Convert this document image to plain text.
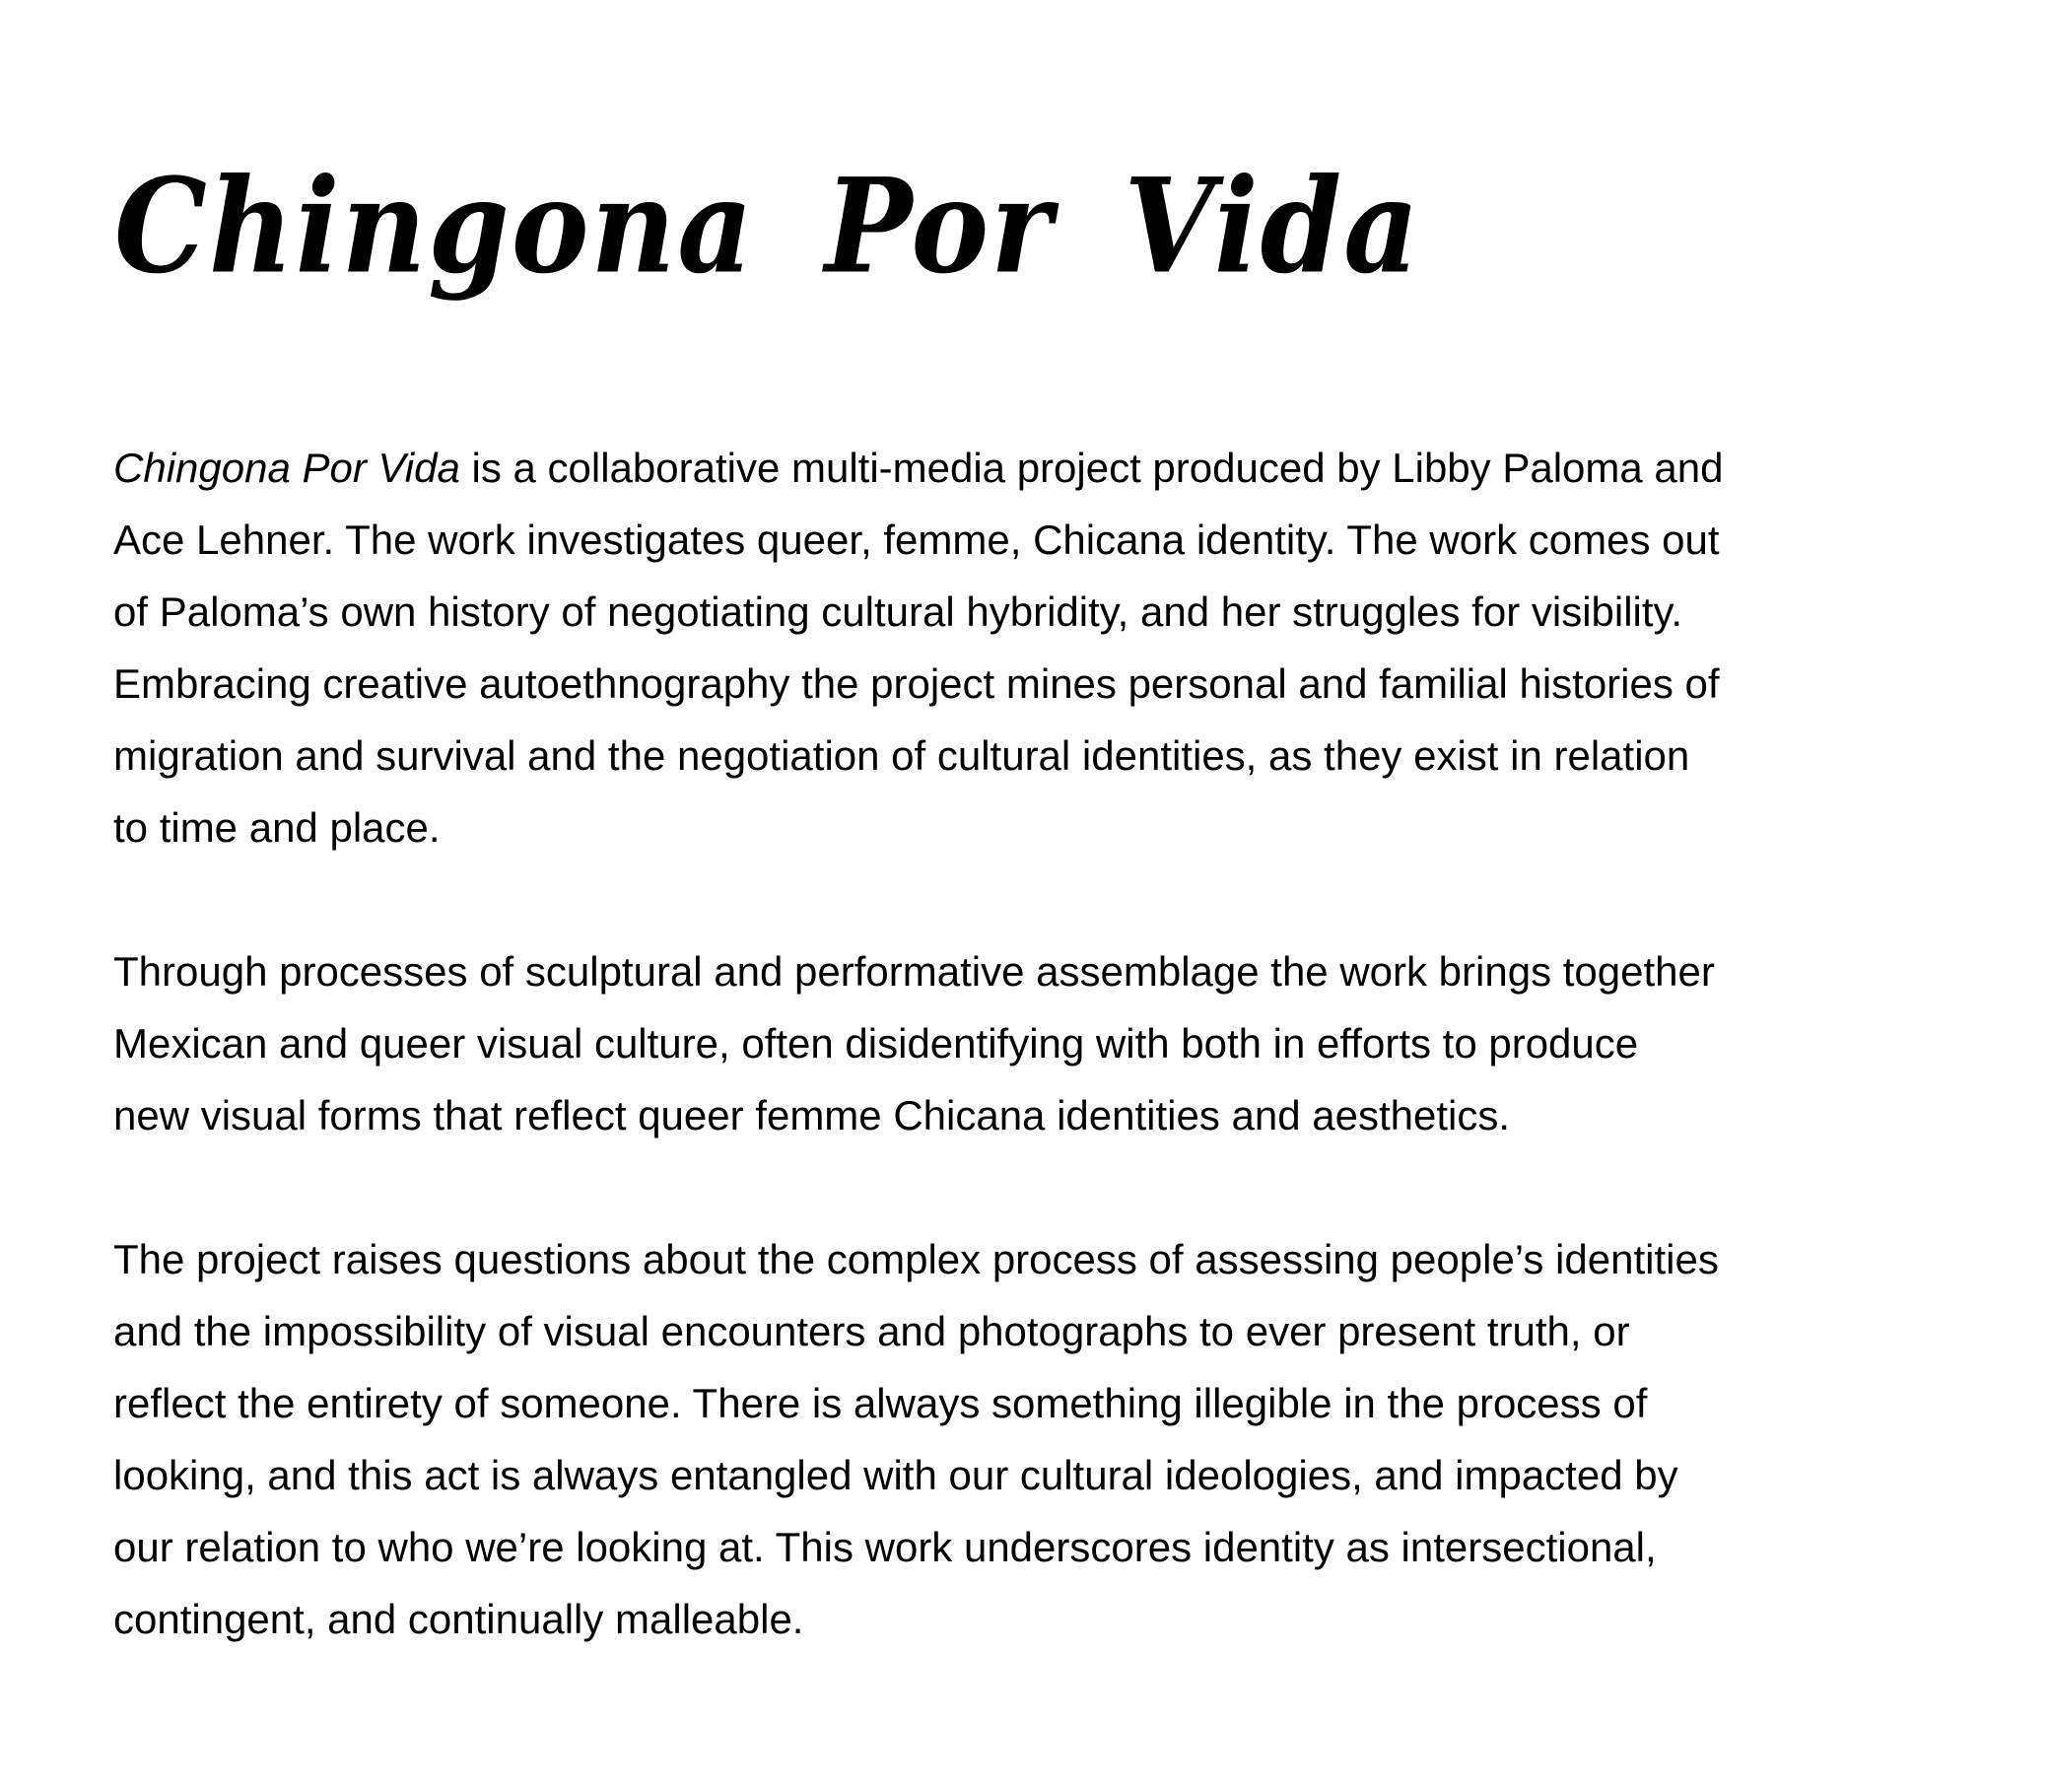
Chingona Por Vida

Chingona Por Vida is a collaborative multi-media project produced by Libby Paloma and
Ace Lehner. The work investigates queer, femme, Chicana identity. The work comes out
of Paloma’s own history of negotiating cultural hybridity, and her struggles for visibility.
Embracing creative autoethnography the project mines personal and familial histories of
migration and survival and the negotiation of cultural identities, as they exist in relation
to time and place.

Through processes of sculptural and performative assemblage the work brings together
Mexican and queer visual culture, often disidentifying with both in efforts to produce
new visual forms that reflect queer femme Chicana identities and aesthetics.

The project raises questions about the complex process of assessing people’s identities
and the impossibility of visual encounters and photographs to ever present truth, or
reflect the entirety of someone. There is always something illegible in the process of
looking, and this act is always entangled with our cultural ideologies, and impacted by
our relation to who we’re looking at. This work underscores identity as intersectional,
contingent, and continually malleable.
